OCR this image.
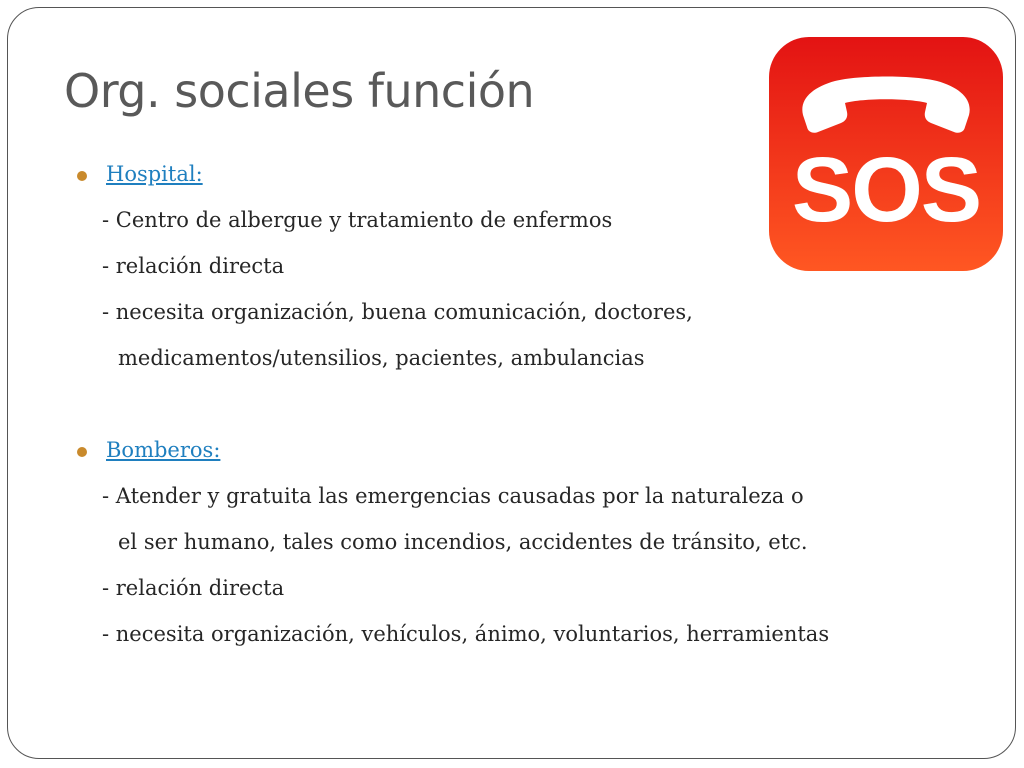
Org. sociales función
SOS
Hospital:
- Centro de albergue y tratamiento de enfermos
- relación directa
- necesita organización, buena comunicación, doctores,
medicamentos/utensilios, pacientes, ambulancias
Bomberos:
- Atender y gratuita las emergencias causadas por la naturaleza o
el ser humano, tales como incendios, accidentes de tránsito, etc.
- relación directa
- necesita organización, vehículos, ánimo, voluntarios, herramientas
